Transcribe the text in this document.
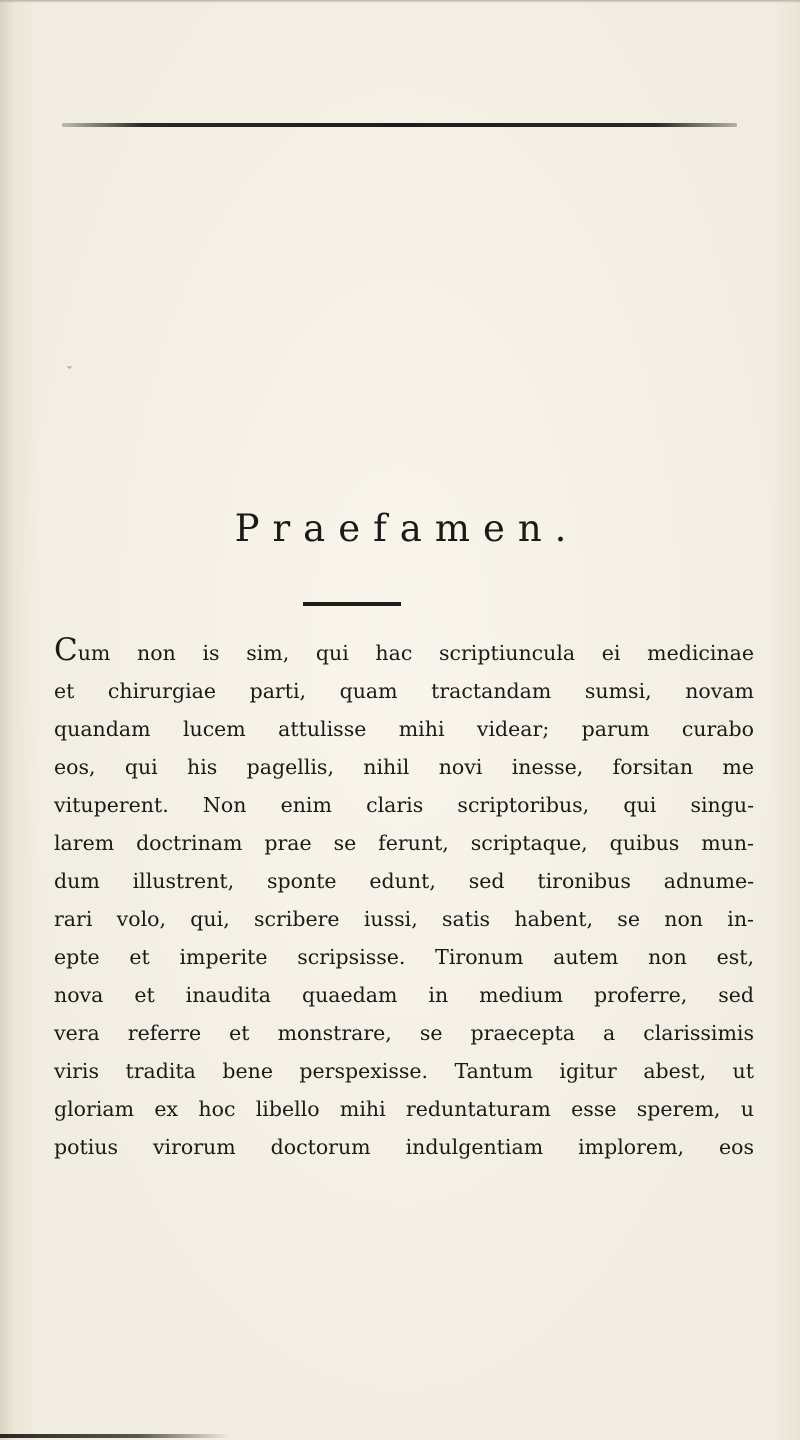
ˇ
Praefamen.
Cum non is sim, qui hac scriptiuncula ei medicinae
et chirurgiae parti, quam tractandam sumsi, novam
quandam lucem attulisse mihi videar; parum curabo
eos, qui his pagellis, nihil novi inesse, forsitan me
vituperent. Non enim claris scriptoribus, qui singu-
larem doctrinam prae se ferunt, scriptaque, quibus mun-
dum illustrent, sponte edunt, sed tironibus adnume-
rari volo, qui, scribere iussi, satis habent, se non in-
epte et imperite scripsisse. Tironum autem non est,
nova et inaudita quaedam in medium proferre, sed
vera referre et monstrare, se praecepta a clarissimis
viris tradita bene perspexisse. Tantum igitur abest, ut
gloriam ex hoc libello mihi reduntaturam esse sperem, u
potius virorum doctorum indulgentiam implorem, eos
